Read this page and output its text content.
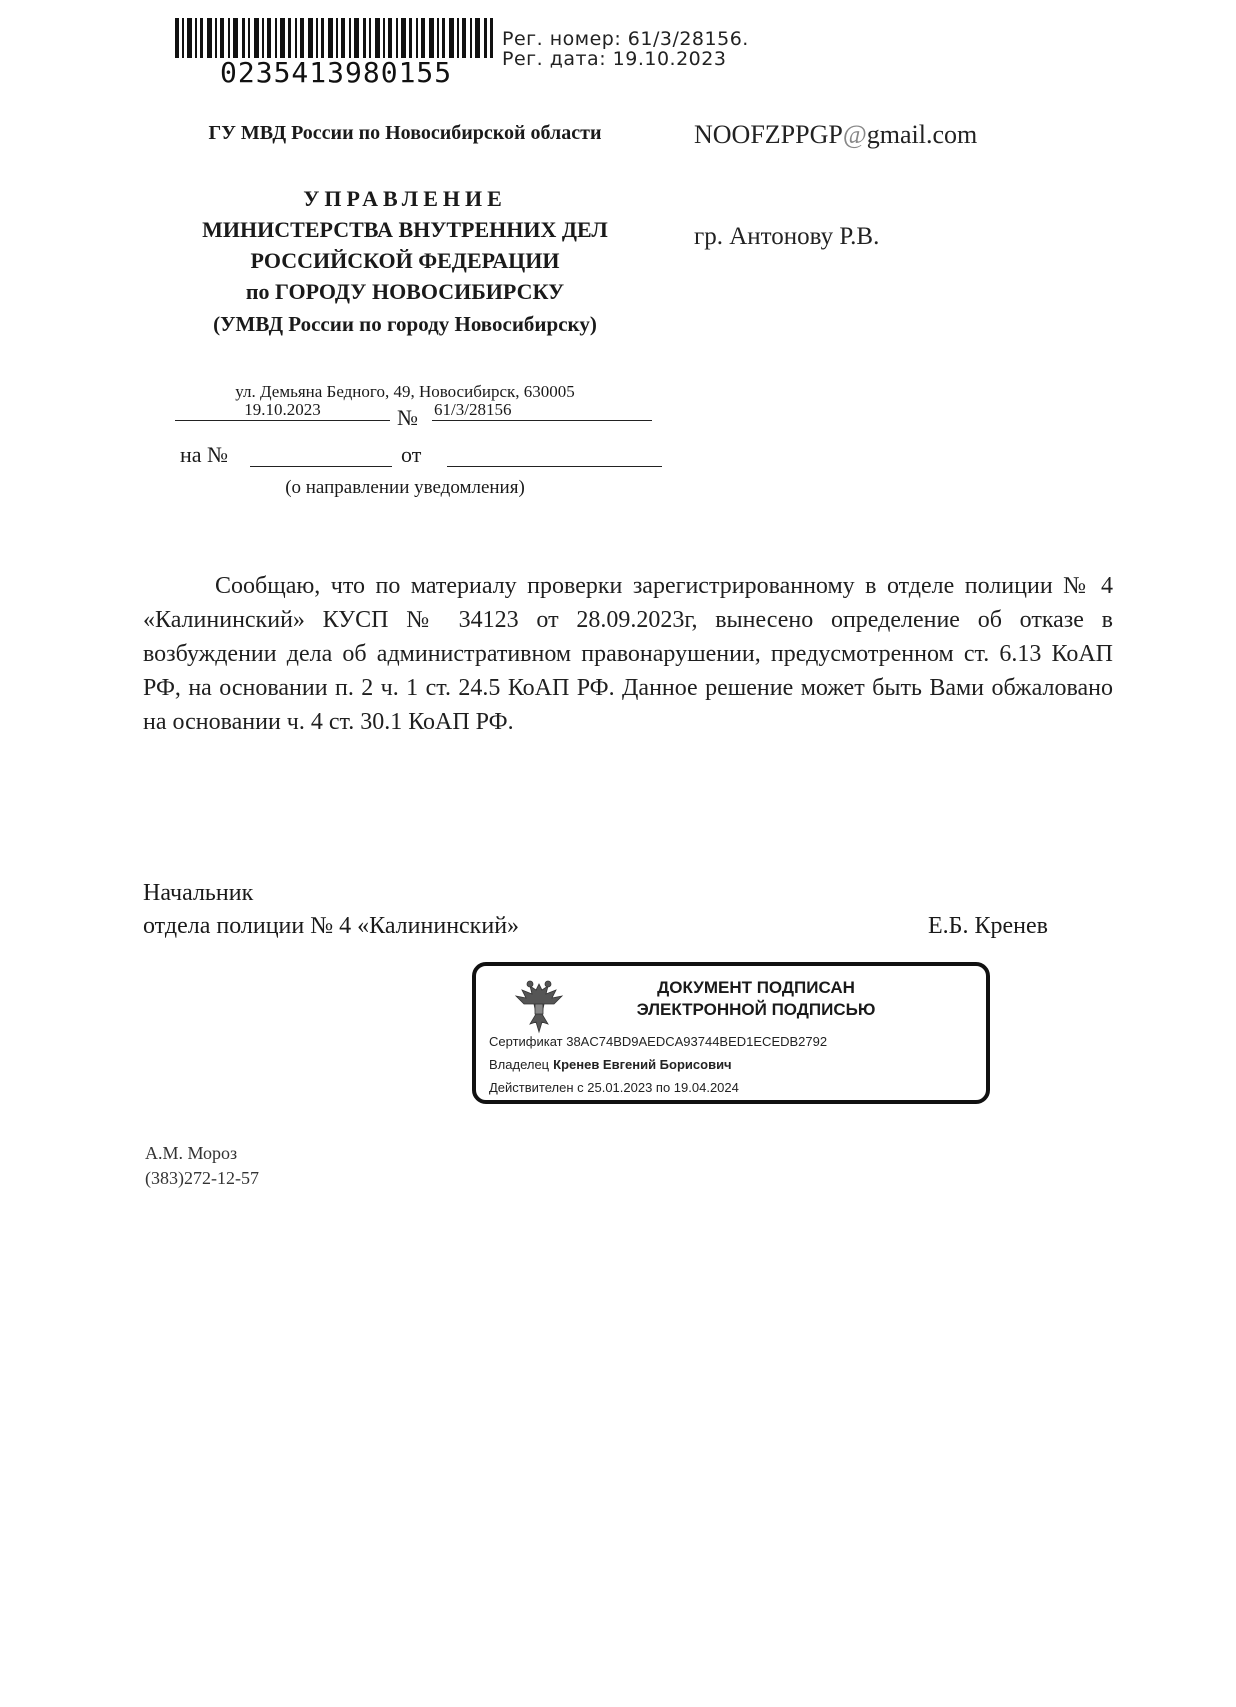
0235413980155
Рег. номер: 61/3/28156.
Рег. дата: 19.10.2023
ГУ МВД России по Новосибирской области
УПРАВЛЕНИЕ
МИНИСТЕРСТВА ВНУТРЕННИХ ДЕЛ
РОССИЙСКОЙ ФЕДЕРАЦИИ
по ГОРОДУ НОВОСИБИРСКУ
(УМВД России по городу Новосибирску)
ул. Демьяна Бедного, 49, Новосибирск, 630005
19.10.2023	№ 61/3/28156
на №	от
(о направлении уведомления)
NOOFZPPGP@gmail.com
гр. Антонову Р.В.
Сообщаю, что по материалу проверки зарегистрированному в отделе полиции № 4 «Калининский» КУСП № 34123 от 28.09.2023г, вынесено определение об отказе в возбуждении дела об административном правонарушении, предусмотренном ст. 6.13 КоАП РФ, на основании п. 2 ч. 1 ст. 24.5 КоАП РФ. Данное решение может быть Вами обжаловано на основании ч. 4 ст. 30.1 КоАП РФ.
Начальник
отдела полиции № 4 «Калининский»	Е.Б. Кренев
ДОКУМЕНТ ПОДПИСАН
ЭЛЕКТРОННОЙ ПОДПИСЬЮ
Сертификат 38AC74BD9AEDCA93744BED1ECEDB2792
Владелец Кренев Евгений Борисович
Действителен с 25.01.2023 по 19.04.2024
А.М. Мороз
(383)272-12-57
